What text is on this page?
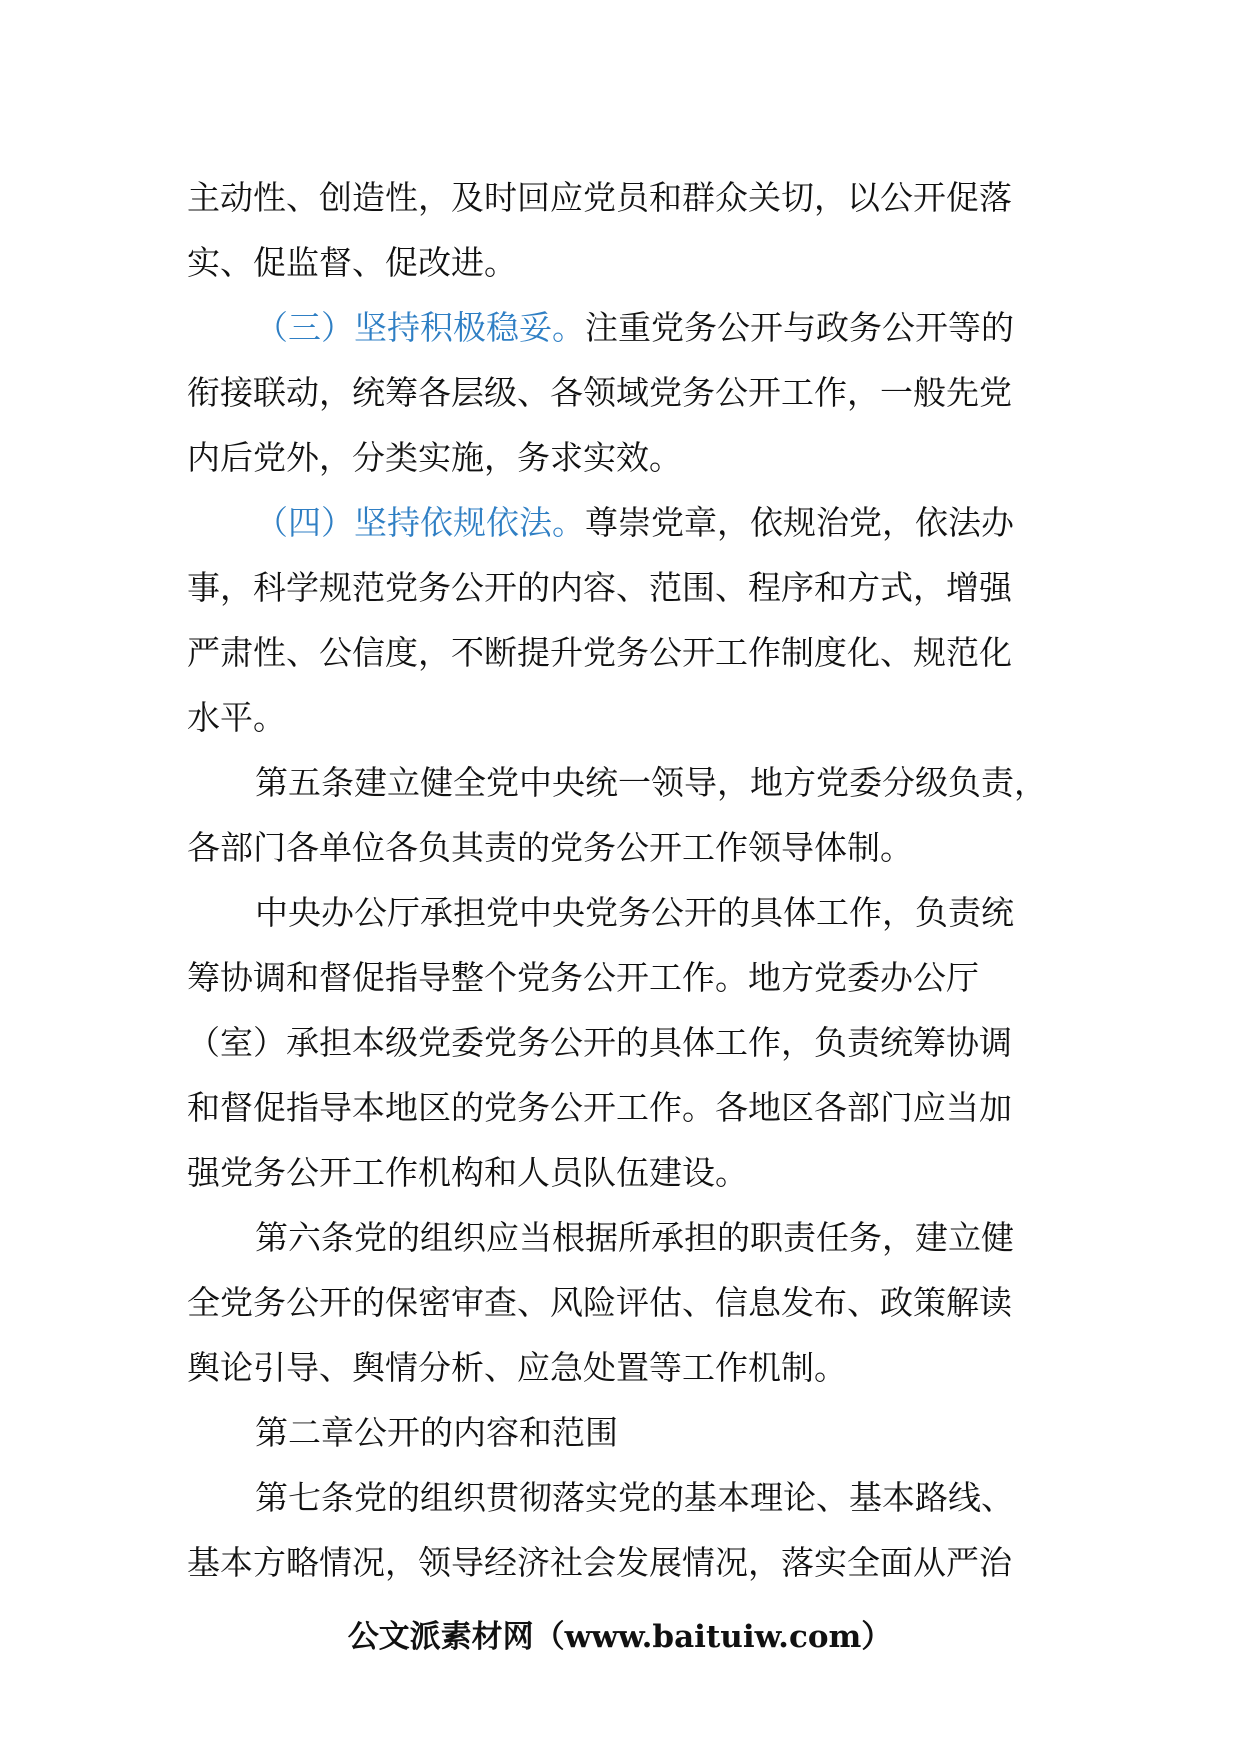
主动性、创造性，及时回应党员和群众关切，以公开促落
实、促监督、促改进。
（三）坚持积极稳妥。注重党务公开与政务公开等的
衔接联动，统筹各层级、各领域党务公开工作，一般先党
内后党外，分类实施，务求实效。
（四）坚持依规依法。尊崇党章，依规治党，依法办
事，科学规范党务公开的内容、范围、程序和方式，增强
严肃性、公信度，不断提升党务公开工作制度化、规范化
水平。
第五条建立健全党中央统一领导，地方党委分级负责，
各部门各单位各负其责的党务公开工作领导体制。
中央办公厅承担党中央党务公开的具体工作，负责统
筹协调和督促指导整个党务公开工作。地方党委办公厅
（室）承担本级党委党务公开的具体工作，负责统筹协调
和督促指导本地区的党务公开工作。各地区各部门应当加
强党务公开工作机构和人员队伍建设。
第六条党的组织应当根据所承担的职责任务，建立健
全党务公开的保密审查、风险评估、信息发布、政策解读
舆论引导、舆情分析、应急处置等工作机制。
第二章公开的内容和范围
第七条党的组织贯彻落实党的基本理论、基本路线、
基本方略情况，领导经济社会发展情况，落实全面从严治
公文派素材网（www.baituiw.com）
